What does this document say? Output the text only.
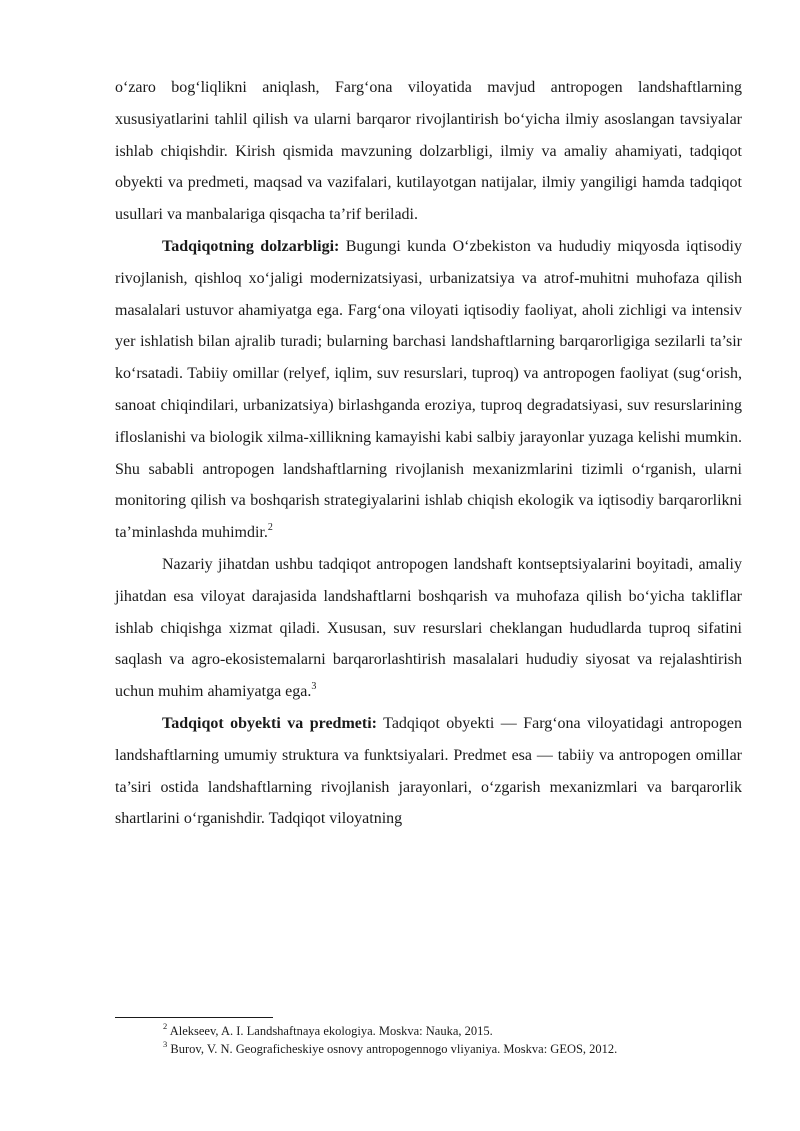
o‘zaro bog‘liqlikni aniqlash, Farg‘ona viloyatida mavjud antropogen landshaftlarning xususiyatlarini tahlil qilish va ularni barqaror rivojlantirish bo‘yicha ilmiy asoslangan tavsiyalar ishlab chiqishdir. Kirish qismida mavzuning dolzarbligi, ilmiy va amaliy ahamiyati, tadqiqot obyekti va predmeti, maqsad va vazifalari, kutilayotgan natijalar, ilmiy yangiligi hamda tadqiqot usullari va manbalariga qisqacha ta’rif beriladi.

Tadqiqotning dolzarbligi: Bugungi kunda O‘zbekiston va hududiy miqyosda iqtisodiy rivojlanish, qishloq xo‘jaligi modernizatsiyasi, urbanizatsiya va atrof-muhitni muhofaza qilish masalalari ustuvor ahamiyatga ega. Farg‘ona viloyati iqtisodiy faoliyat, aholi zichligi va intensiv yer ishlatish bilan ajralib turadi; bularning barchasi landshaftlarning barqarorligiga sezilarli ta’sir ko‘rsatadi. Tabiiy omillar (relyef, iqlim, suv resurslari, tuproq) va antropogen faoliyat (sug‘orish, sanoat chiqindilari, urbanizatsiya) birlashganda eroziya, tuproq degradatsiyasi, suv resurslarining ifloslanishi va biologik xilma-xillikning kamayishi kabi salbiy jarayonlar yuzaga kelishi mumkin. Shu sababli antropogen landshaftlarning rivojlanish mexanizmlarini tizimli o‘rganish, ularni monitoring qilish va boshqarish strategiyalarini ishlab chiqish ekologik va iqtisodiy barqarorlikni ta’minlashda muhimdir.$^2$

Nazariy jihatdan ushbu tadqiqot antropogen landshaft kontseptsiyalarini boyitadi, amaliy jihatdan esa viloyat darajasida landshaftlarni boshqarish va muhofaza qilish bo‘yicha takliflar ishlab chiqishga xizmat qiladi. Xususan, suv resurslari cheklangan hududlarda tuproq sifatini saqlash va agro-ekosistemalarni barqarorlashtirish masalalari hududiy siyosat va rejalashtirish uchun muhim ahamiyatga ega.$^3$

Tadqiqot obyekti va predmeti: Tadqiqot obyekti — Farg‘ona viloyatidagi antropogen landshaftlarning umumiy struktura va funktsiyalari. Predmet esa — tabiiy va antropogen omillar ta’siri ostida landshaftlarning rivojlanish jarayonlari, o‘zgarish mexanizmlari va barqarorlik shartlarini o‘rganishdir. Tadqiqot viloyatning

$^2$ Alekseev, A. I. Landshaftnaya ekologiya. Moskva: Nauka, 2015.

$^3$ Burov, V. N. Geograficheskiye osnovy antropogennogo vliyaniya. Moskva: GEOS, 2012.
